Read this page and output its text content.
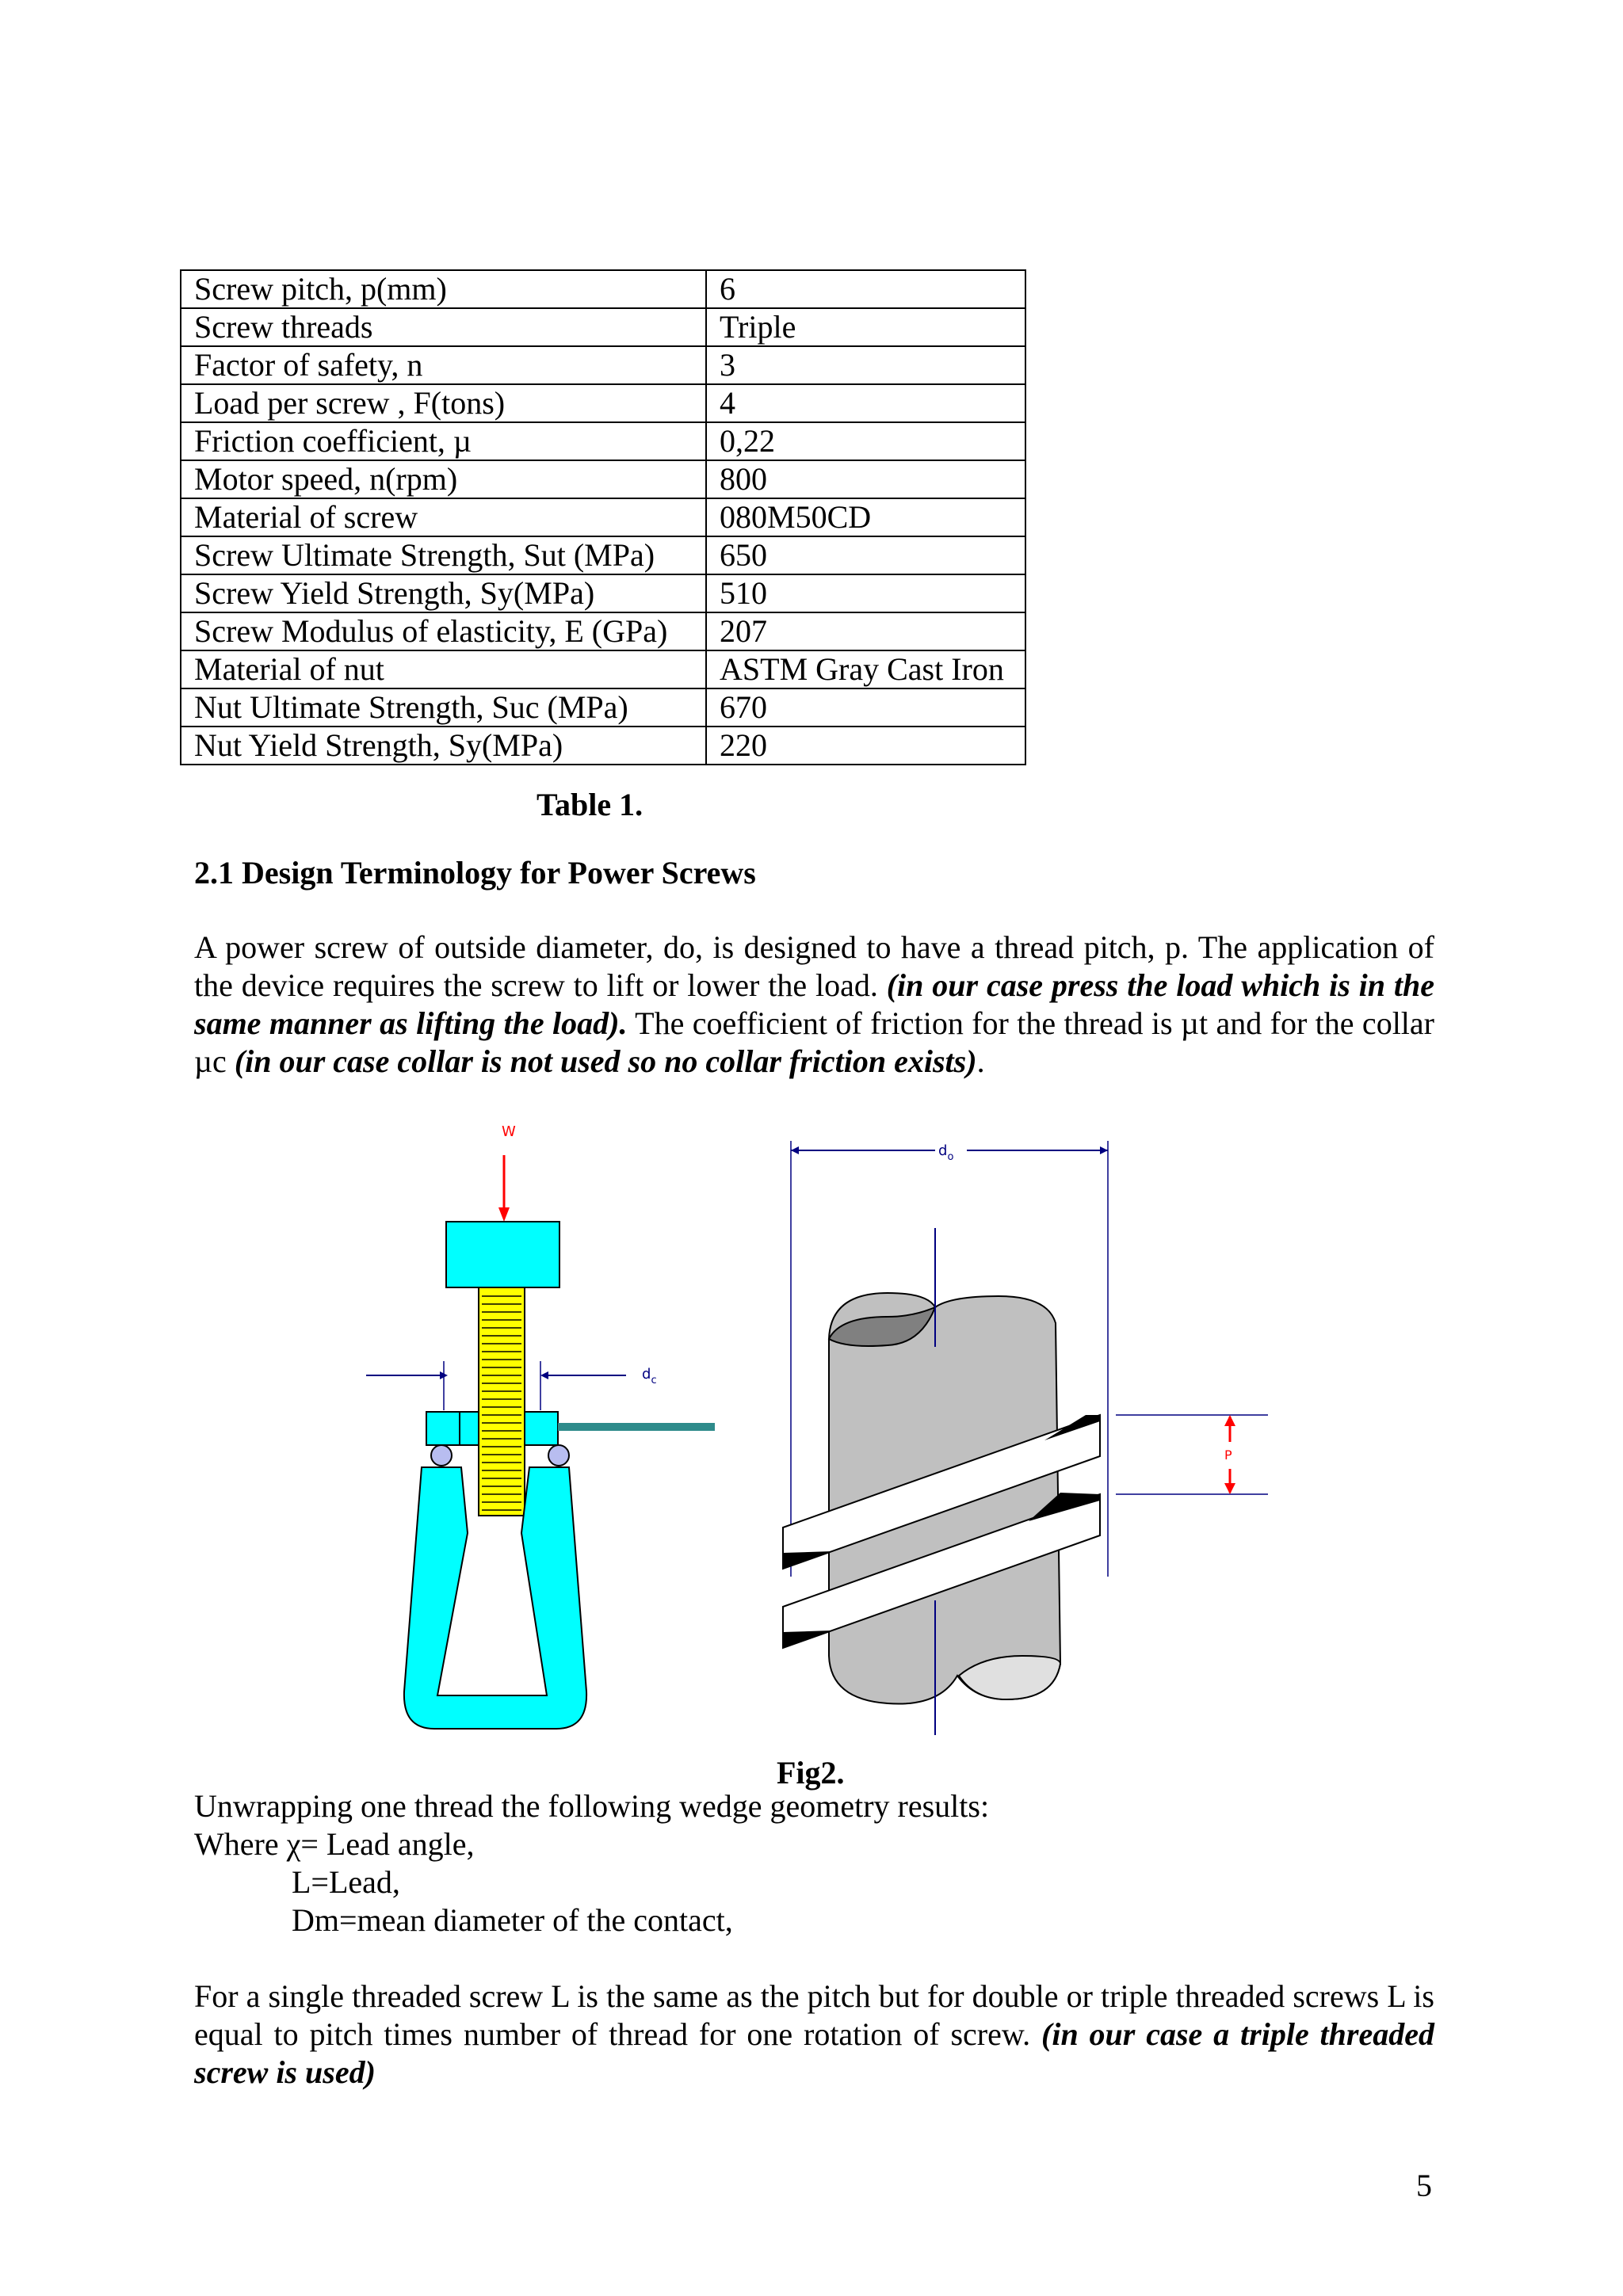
Screw pitch, p(mm)	6
Screw threads	Triple
Factor of safety, n	3
Load per screw , F(tons)	4
Friction coefficient, µ	0,22
Motor speed, n(rpm)	800
Material of screw	080M50CD
Screw Ultimate Strength, Sut (MPa)	650
Screw Yield Strength, Sy(MPa)	510
Screw Modulus of elasticity, E (GPa)	207
Material of nut	ASTM Gray Cast Iron
Nut Ultimate Strength, Suc (MPa)	670
Nut Yield Strength, Sy(MPa)	220
Table 1.
2.1 Design Terminology for Power Screws
A power screw of outside diameter, do, is designed to have a thread pitch, p. The application of the device requires the screw to lift or lower the load. (in our case press the load which is in the same manner as lifting the load). The coefficient of friction for the thread is µt and for the collar µc (in our case collar is not used so no collar friction exists).
W
$d_c$
$d_o$
P
Fig2.
Unwrapping one thread the following wedge geometry results:
Where χ= Lead angle,
L=Lead,
Dm=mean diameter of the contact,
For a single threaded screw L is the same as the pitch but for double or triple threaded screws L is equal to pitch times number of thread for one rotation of screw. (in our case a triple threaded screw is used)
5
